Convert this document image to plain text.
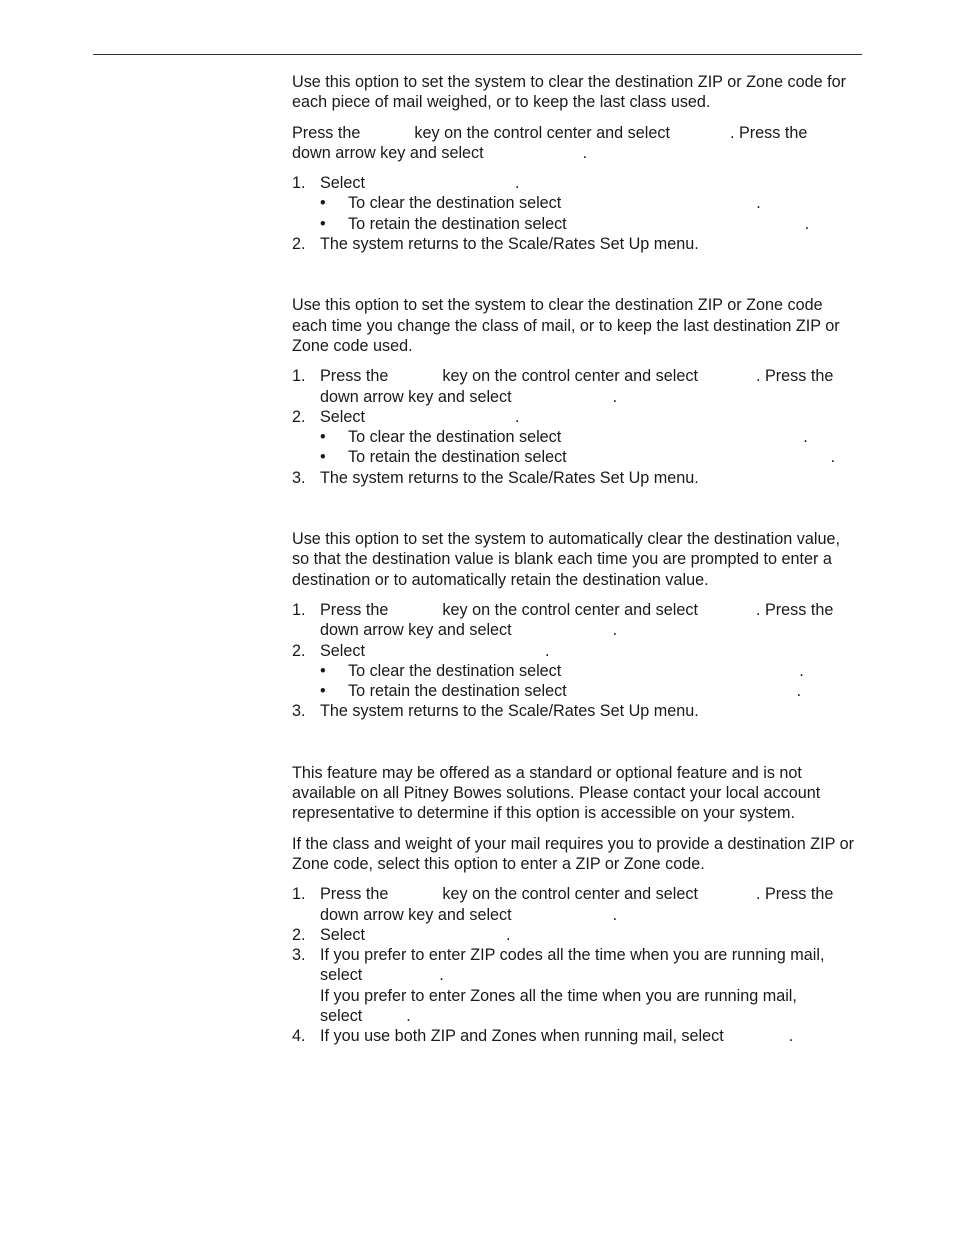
Use this option to set the system to clear the destination ZIP or Zone code for each piece of mail weighed, or to keep the last class used.

Press the	key on the control center and select	. Press the
down arrow key and select	.

1. Select	.
• To clear the destination select	.
• To retain the destination select	.
2. The system returns to the Scale/Rates Set Up menu.

Use this option to set the system to clear the destination ZIP or Zone code each time you change the class of mail, or to keep the last destination ZIP or Zone code used.

1. Press the	key on the control center and select	. Press the
down arrow key and select	.
2. Select	.
• To clear the destination select	.
• To retain the destination select	.
3. The system returns to the Scale/Rates Set Up menu.

Use this option to set the system to automatically clear the destination value, so that the destination value is blank each time you are prompted to enter a destination or to automatically retain the destination value.

1. Press the	key on the control center and select	. Press the
down arrow key and select	.
2. Select	.
• To clear the destination select	.
• To retain the destination select	.
3. The system returns to the Scale/Rates Set Up menu.

This feature may be offered as a standard or optional feature and is not available on all Pitney Bowes solutions. Please contact your local account representative to determine if this option is accessible on your system.

If the class and weight of your mail requires you to provide a destination ZIP or Zone code, select this option to enter a ZIP or Zone code.

1. Press the	key on the control center and select	. Press the
down arrow key and select	.
2. Select	.
3. If you prefer to enter ZIP codes all the time when you are running mail,
select	.
If you prefer to enter Zones all the time when you are running mail,
select	.
4. If you use both ZIP and Zones when running mail, select	.
